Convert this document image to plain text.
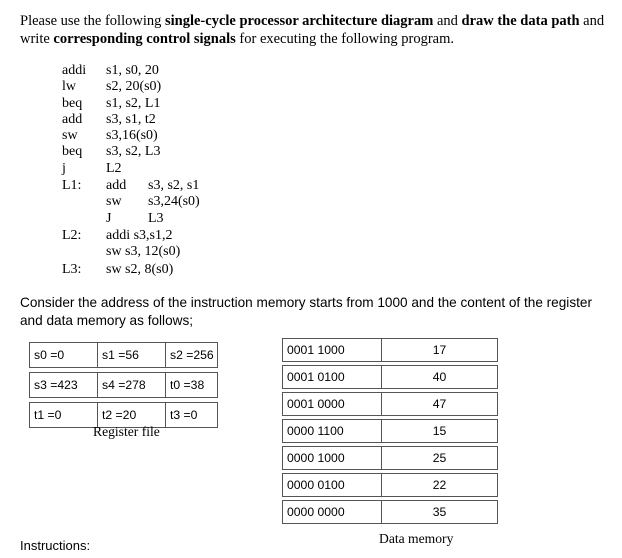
Please use the following single-cycle processor architecture diagram and draw the data path and write corresponding control signals for executing the following program.
addi s1, s0, 20
lw s2, 20(s0)
beq s1, s2, L1
add s3, s1, t2
sw s3,16(s0)
beq s3, s2, L3
j	L2
L1: add s3, s2, s1
sw s3,24(s0)
J	L3
L2: addi s3,s1,2
sw s3, 12(s0)
L3: sw s2, 8(s0)
Consider the address of the instruction memory starts from 1000 and the content of the register and data memory as follows;
s0 =0	s1 =56	s2 =256

s3 =423	s4 =278	t0 =38

t1 =0	t2 =20	t3 =0
Register file
0001 1000	17

0001 0100	40

0001 0000	47

0000 1100	15

0000 1000	25

0000 0100	22

0000 0000	35
Data memory
Instructions:
